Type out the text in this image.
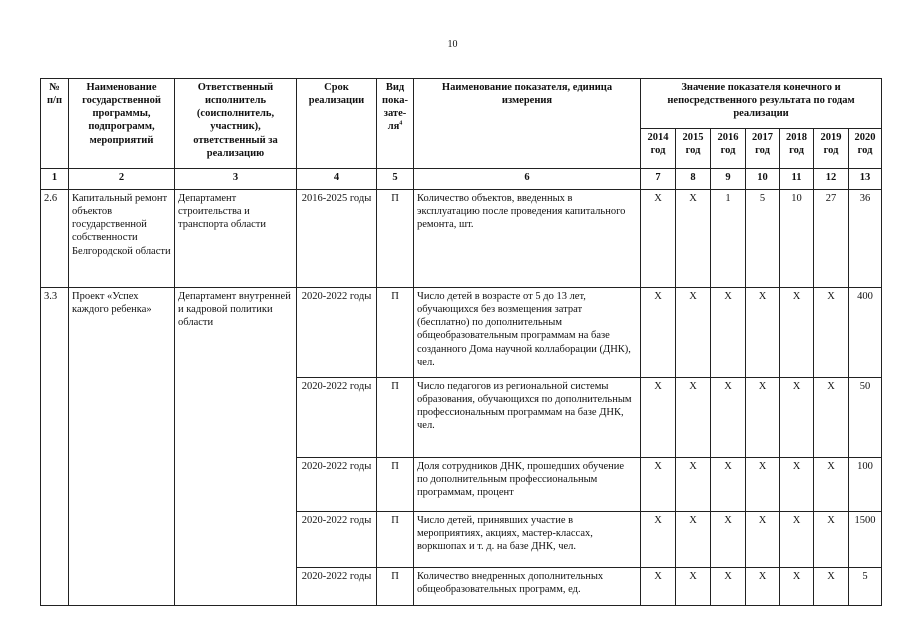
10
№ п/п	Наименование государственной программы, подпрограмм, мероприятий	Ответственный исполнитель (соисполнитель, участник), ответственный за реализацию	Срок реализации	Вид пока-$зате-ля^4$	Наименование показателя, единица измерения	Значение показателя конечного и непосредственного результата по годам реализации						
						2014 год	2015 год	2016 год	2017 год	2018 год	2019 год	2020 год
1	2	3	4	5	6	7	8	9	10	11	12	13
2.6	Капитальный ремонт объектов государственной собственности Белгородской области	Департамент строительства и транспорта области	2016-2025 годы	П	Количество объектов, введенных в эксплуатацию после проведения капитального ремонта, шт.	Х	Х	1	5	10	27	36
3.3	Проект «Успех каждого ребенка»	Департамент внутренней и кадровой политики области	2020-2022 годы	П	Число детей в возрасте от 5 до 13 лет, обучающихся без возмещения затрат (бесплатно) по дополнительным общеобразовательным программам на базе созданного Дома научной коллаборации (ДНК), чел.	Х	Х	Х	Х	Х	Х	400
			2020-2022 годы	П	Число педагогов из региональной системы образования, обучающихся по дополнительным профессиональным программам на базе ДНК, чел.	Х	Х	Х	Х	Х	Х	50
			2020-2022 годы	П	Доля сотрудников ДНК, прошедших обучение по дополнительным профессиональным программам, процент	Х	Х	Х	Х	Х	Х	100
			2020-2022 годы	П	Число детей, принявших участие в мероприятиях, акциях, мастер-классах, воркшопах и т. д. на базе ДНК, чел.	Х	Х	Х	Х	Х	Х	1500
			2020-2022 годы	П	Количество внедренных дополнительных общеобразовательных программ, ед.	Х	Х	Х	Х	Х	Х	5
